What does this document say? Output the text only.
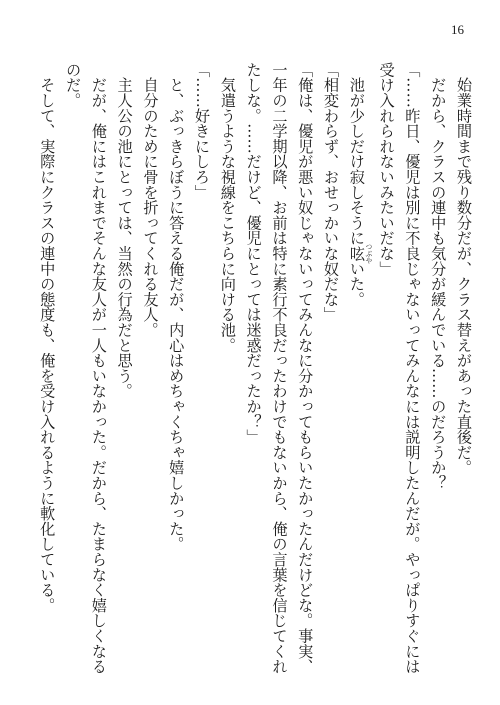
16

　始業時間まで残り数分だが、クラス替えがあった直後だ。

　だから、クラスの連中も気分が緩んでいる……のだろうか？

「……昨日、優児は別に不良じゃないってみんなには説明したんだが。やっぱりすぐには受け入れられないみたいだな」

　池が少しだけ寂しそうに呟 つぶやいた。

「相変わらず、おせっかいな奴だな」

「俺は、優児が悪い奴じゃないってみんなに分かってもらいたかったんだけどな。事実、一年の二学期以降、お前は特に素行不良だったわけでもないから、俺の言葉を信じてくれたしな。……だけど、優児にとっては迷惑だったか？」

　気遣うような視線をこちらに向ける池。

「……好きにしろ」

　と、ぶっきらぼうに答える俺だが、内心はめちゃくちゃ嬉しかった。

　自分のために骨を折ってくれる友人。

　主人公の池にとっては、当然の行為だと思う。

　だが、俺にはこれまでそんな友人が一人もいなかった。だから、たまらなく嬉しくなるのだ。

　そして、実際にクラスの連中の態度も、俺を受け入れるように軟化している。
